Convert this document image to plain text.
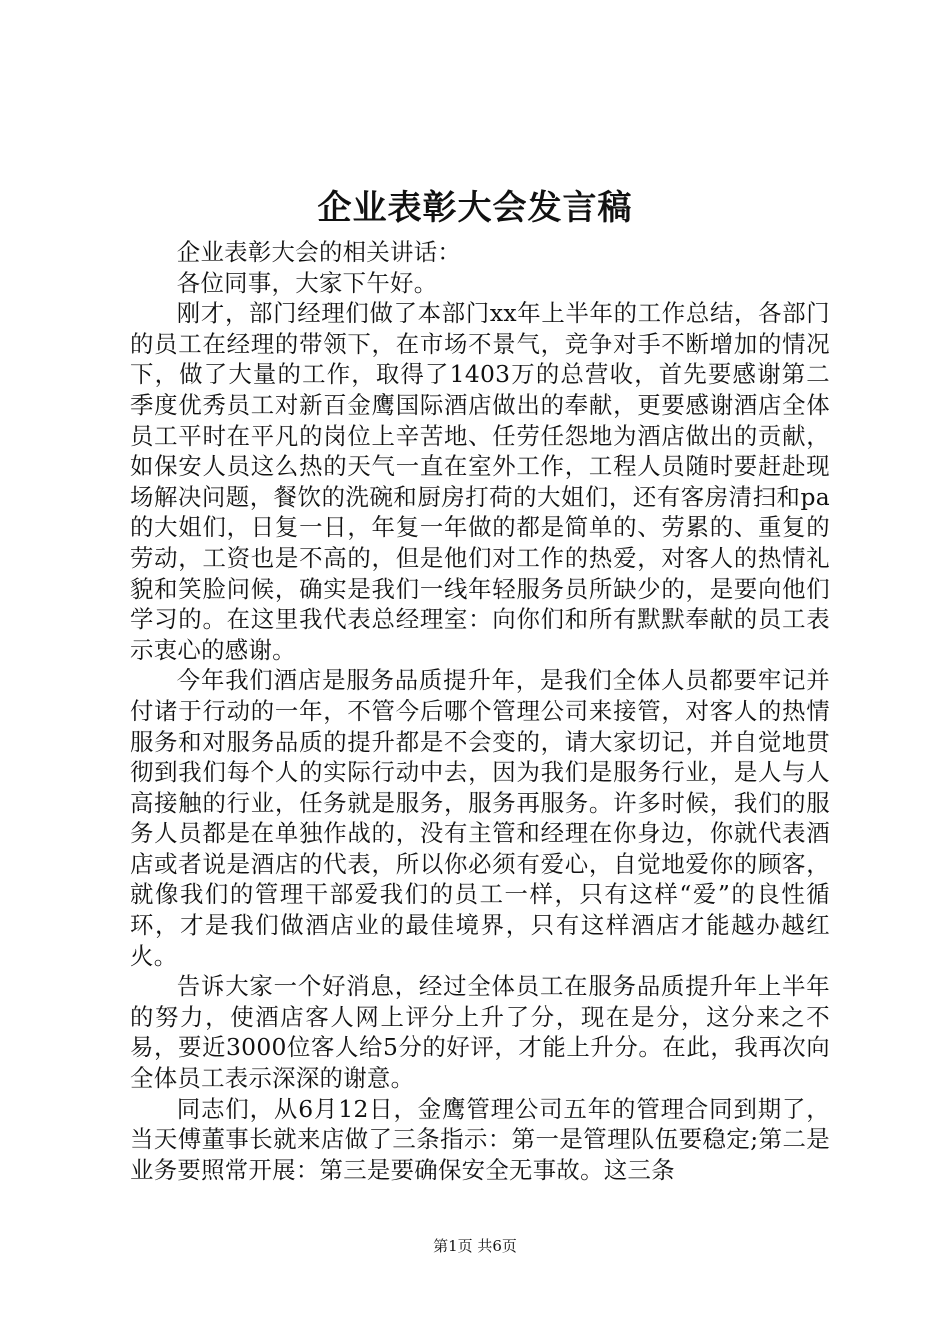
企业表彰大会发言稿

企业表彰大会的相关讲话：

各位同事，大家下午好。

刚才，部门经理们做了本部门xx年上半年的工作总结，各部门的员工在经理的带领下，在市场不景气，竞争对手不断增加的情况下，做了大量的工作，取得了1403万的总营收，首先要感谢第二季度优秀员工对新百金鹰国际酒店做出的奉献，更要感谢酒店全体员工平时在平凡的岗位上辛苦地、任劳任怨地为酒店做出的贡献，如保安人员这么热的天气一直在室外工作，工程人员随时要赶赴现场解决问题，餐饮的洗碗和厨房打荷的大姐们，还有客房清扫和pa的大姐们，日复一日，年复一年做的都是简单的、劳累的、重复的劳动，工资也是不高的，但是他们对工作的热爱，对客人的热情礼貌和笑脸问候，确实是我们一线年轻服务员所缺少的，是要向他们学习的。在这里我代表总经理室：向你们和所有默默奉献的员工表示衷心的感谢。

今年我们酒店是服务品质提升年，是我们全体人员都要牢记并付诸于行动的一年，不管今后哪个管理公司来接管，对客人的热情服务和对服务品质的提升都是不会变的，请大家切记，并自觉地贯彻到我们每个人的实际行动中去，因为我们是服务行业，是人与人高接触的行业，任务就是服务，服务再服务。许多时候，我们的服务人员都是在单独作战的，没有主管和经理在你身边，你就代表酒店或者说是酒店的代表，所以你必须有爱心，自觉地爱你的顾客，就像我们的管理干部爱我们的员工一样，只有这样“爱”的良性循环，才是我们做酒店业的最佳境界，只有这样酒店才能越办越红火。

告诉大家一个好消息，经过全体员工在服务品质提升年上半年的努力，使酒店客人网上评分上升了分，现在是分，这分来之不易，要近3000位客人给5分的好评，才能上升分。在此，我再次向全体员工表示深深的谢意。

同志们，从6月12日，金鹰管理公司五年的管理合同到期了，当天傅董事长就来店做了三条指示：第一是管理队伍要稳定;第二是业务要照常开展：第三是要确保安全无事故。这三条

第1页 共6页
